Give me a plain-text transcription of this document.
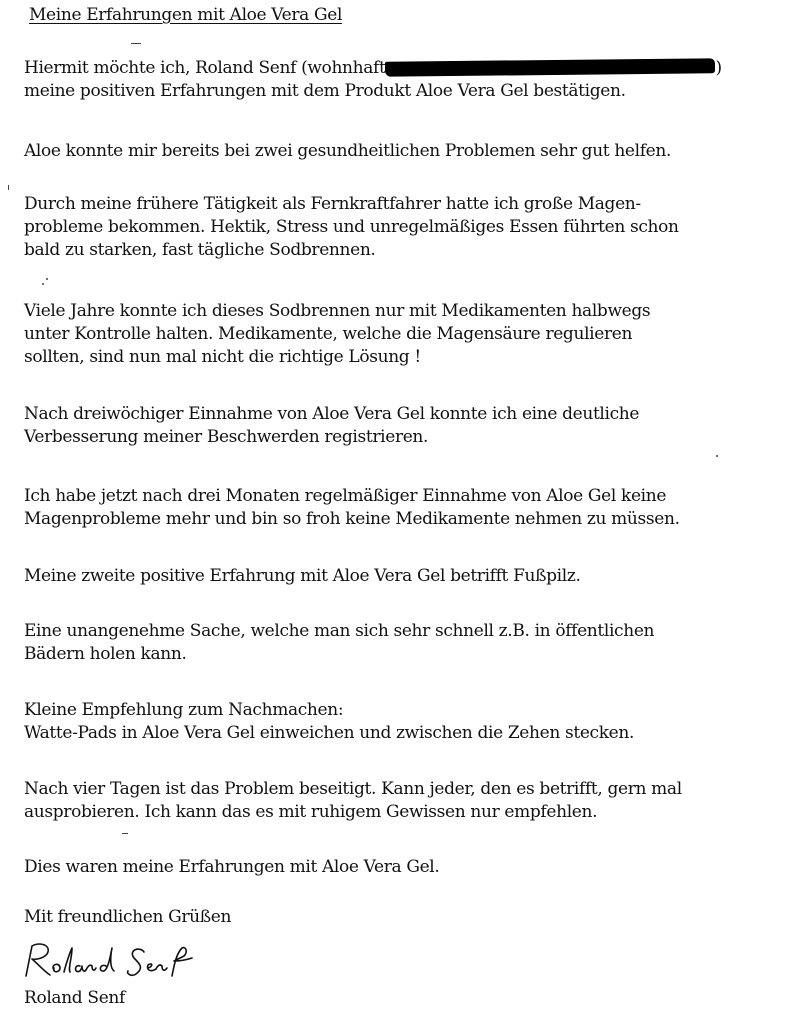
Meine Erfahrungen mit Aloe Vera Gel
Hiermit möchte ich, Roland Senf (wohnhaft	)
meine positiven Erfahrungen mit dem Produkt Aloe Vera Gel bestätigen.
Aloe konnte mir bereits bei zwei gesundheitlichen Problemen sehr gut helfen.
Durch meine frühere Tätigkeit als Fernkraftfahrer hatte ich große Magen-
probleme bekommen. Hektik, Stress und unregelmäßiges Essen führten schon
bald zu starken, fast tägliche Sodbrennen.
Viele Jahre konnte ich dieses Sodbrennen nur mit Medikamenten halbwegs
unter Kontrolle halten. Medikamente, welche die Magensäure regulieren
sollten, sind nun mal nicht die richtige Lösung !
Nach dreiwöchiger Einnahme von Aloe Vera Gel konnte ich eine deutliche
Verbesserung meiner Beschwerden registrieren.
Ich habe jetzt nach drei Monaten regelmäßiger Einnahme von Aloe Gel keine
Magenprobleme mehr und bin so froh keine Medikamente nehmen zu müssen.
Meine zweite positive Erfahrung mit Aloe Vera Gel betrifft Fußpilz.
Eine unangenehme Sache, welche man sich sehr schnell z.B. in öffentlichen
Bädern holen kann.
Kleine Empfehlung zum Nachmachen:
Watte-Pads in Aloe Vera Gel einweichen und zwischen die Zehen stecken.
Nach vier Tagen ist das Problem beseitigt. Kann jeder, den es betrifft, gern mal
ausprobieren. Ich kann das es mit ruhigem Gewissen nur empfehlen.
Dies waren meine Erfahrungen mit Aloe Vera Gel.
Mit freundlichen Grüßen
Roland Senf
